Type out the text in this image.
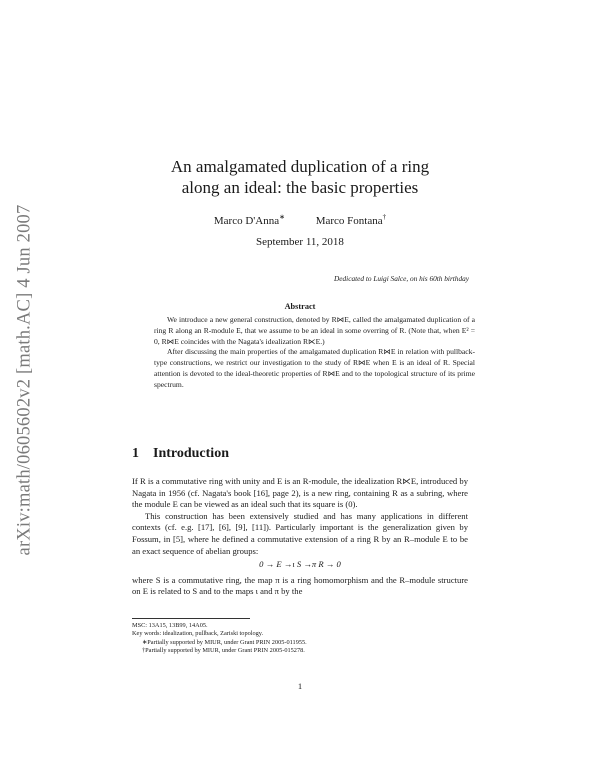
arXiv:math/0605602v2 [math.AC] 4 Jun 2007
An amalgamated duplication of a ring
along an ideal: the basic properties
Marco D'Anna∗	Marco Fontana†
September 11, 2018
Dedicated to Luigi Salce, on his 60th birthday
Abstract

We introduce a new general construction, denoted by R⋈E, called the amalgamated duplication of a ring R along an R-module E, that we assume to be an ideal in some overring of R. (Note that, when E² = 0, R⋈E coincides with the Nagata's idealization R⋉E.)

After discussing the main properties of the amalgamated duplication R⋈E in relation with pullback-type constructions, we restrict our investigation to the study of R⋈E when E is an ideal of R. Special attention is devoted to the ideal-theoretic properties of R⋈E and to the topological structure of its prime spectrum.

1 Introduction

If R is a commutative ring with unity and E is an R-module, the idealization R⋉E, introduced by Nagata in 1956 (cf. Nagata's book [16], page 2), is a new ring, containing R as a subring, where the module E can be viewed as an ideal such that its square is (0).

This construction has been extensively studied and has many applications in different contexts (cf. e.g. [17], [6], [9], [11]). Particularly important is the generalization given by Fossum, in [5], where he defined a commutative extension of a ring R by an R–module E to be an exact sequence of abelian groups:

0 → E →ι S →π R → 0

where S is a commutative ring, the map π is a ring homomorphism and the R–module structure on E is related to S and to the maps ι and π by the

MSC: 13A15, 13B99, 14A05.
Key words: idealization, pullback, Zariski topology.
∗Partially supported by MIUR, under Grant PRIN 2005-011955.
†Partially supported by MIUR, under Grant PRIN 2005-015278.
1
